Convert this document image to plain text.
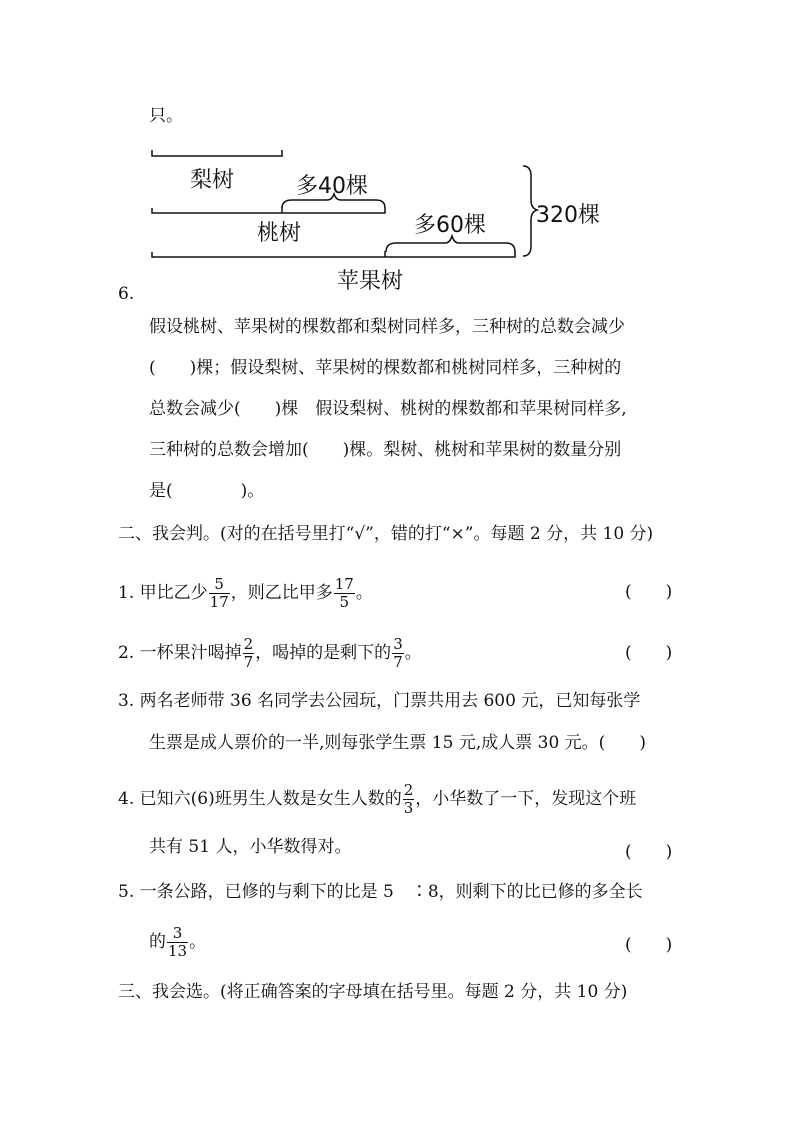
只。
梨树	多40棵
桃树	多60棵
苹果树
320棵
6.
假设桃树、苹果树的棵数都和梨树同样多，三种树的总数会减少
(　　)棵；假设梨树、苹果树的棵数都和桃树同样多，三种树的
总数会减少(　　)棵　假设梨树、桃树的棵数都和苹果树同样多,
三种树的总数会增加(　　)棵。梨树、桃树和苹果树的数量分别
是(　　　　)。
二、我会判。(对的在括号里打“√”，错的打“×”。每题 2 分，共 10 分)
1. 甲比乙少 $\frac{5}{17}$ ，则乙比甲多 $\frac{17}{5}$ 。	(　　)
2. 一杯果汁喝掉 $\frac{2}{7}$ ，喝掉的是剩下的 $\frac{3}{7}$ 。	(　　)
3. 两名老师带 36 名同学去公园玩，门票共用去 600 元，已知每张学
生票是成人票价的一半,则每张学生票 15 元,成人票 30 元。(　　)
4. 已知六(6)班男生人数是女生人数的 $\frac{2}{3}$ ，小华数了一下，发现这个班
共有 51 人，小华数得对。	(　　)
5. 一条公路，已修的与剩下的比是 5　∶8，则剩下的比已修的多全长
的 $\frac{3}{13}$ 。	(　　)
三、我会选。(将正确答案的字母填在括号里。每题 2 分，共 10 分)
